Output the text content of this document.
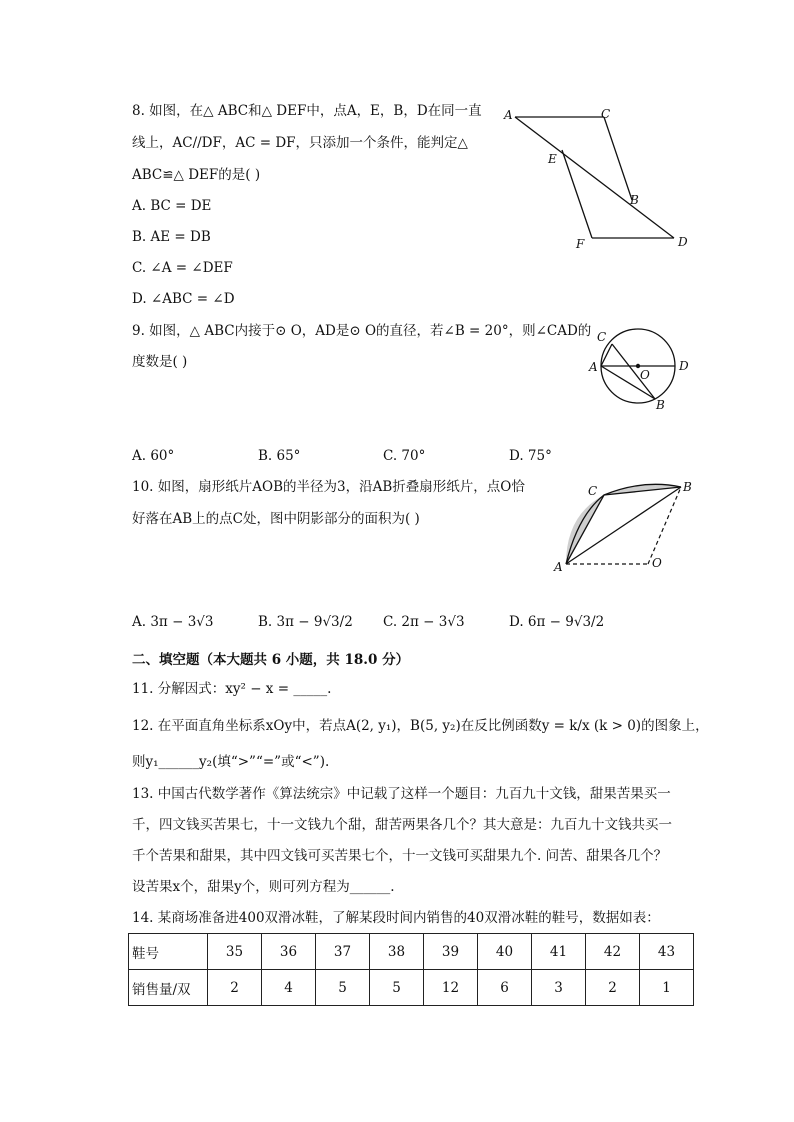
8. 如图，在△ ABC和△ DEF中，点A，E，B，D在同一直
线上，AC//DF，AC = DF，只添加一个条件，能判定△
ABC≌△ DEF的是( )
A. BC = DE
B. AE = DB
C. ∠A = ∠DEF
D. ∠ABC = ∠D
A	C
E
B
F	D
9. 如图，△ ABC内接于⊙ O，AD是⊙ O的直径，若∠B = 20°，则∠CAD的
度数是( )
C
A
O
D
B
A. 60°	B. 65°	C. 70°	D. 75°
10. 如图，扇形纸片AOB的半径为3，沿AB折叠扇形纸片，点O恰
好落在AB上的点C处，图中阴影部分的面积为( )
C	B
A	O
A. 3π − 3√3	B. 3π − 9√3/2 C. 2π − 3√3	D. 6π − 9√3/2
二、填空题（本大题共 6 小题，共 18.0 分）
11. 分解因式：xy² − x = _____.
12. 在平面直角坐标系xOy中，若点A(2, y₁)，B(5, y₂)在反比例函数y = k/x (k > 0)的图象上，
则y₁______y₂(填“>”“=”或“<”).
13. 中国古代数学著作《算法统宗》中记载了这样一个题目：九百九十文钱，甜果苦果买一
千，四文钱买苦果七，十一文钱九个甜，甜苦两果各几个？其大意是：九百九十文钱共买一
千个苦果和甜果，其中四文钱可买苦果七个，十一文钱可买甜果九个. 问苦、甜果各几个？
设苦果x个，甜果y个，则可列方程为______.
14. 某商场准备进400双滑冰鞋，了解某段时间内销售的40双滑冰鞋的鞋号，数据如表：
鞋号	35	36	37	38	39	40	41	42	43
销售量/双	2	4	5	5	12	6	3	2	1
